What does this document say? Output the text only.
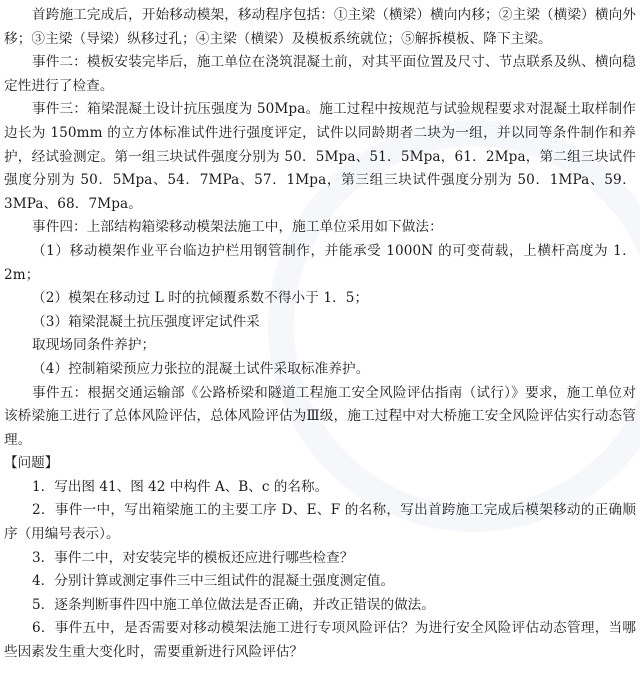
首跨施工完成后，开始移动模架，移动程序包括：①主梁（横梁）横向内移；②主梁（横梁）横向外移；③主梁（导梁）纵移过孔；④主梁（横梁）及模板系统就位；⑤解拆模板、降下主梁。

事件二：模板安装完毕后，施工单位在浇筑混凝土前，对其平面位置及尺寸、节点联系及纵、横向稳定性进行了检查。

事件三：箱梁混凝土设计抗压强度为 50Mpa。施工过程中按规范与试验规程要求对混凝土取样制作边长为 150mm 的立方体标准试件进行强度评定，试件以同龄期者二块为一组，并以同等条件制作和养护，经试验测定。第一组三块试件强度分别为 50．5Mpa、51．5Mpa，61．2Mpa，第二组三块试件强度分别为 50．5Mpa、54．7MPa、57．1Mpa，第三组三块试件强度分别为 50．1MPa、59．3MPa、68．7Mpa。

事件四：上部结构箱梁移动模架法施工中，施工单位采用如下做法：

（1）移动模架作业平台临边护栏用钢管制作，并能承受 1000N 的可变荷载，上横杆高度为 1．2m；

（2）模架在移动过 L 时的抗倾覆系数不得小于 1．5；

（3）箱梁混凝土抗压强度评定试件采

取现场同条件养护；

（4）控制箱梁预应力张拉的混凝土试件采取标准养护。

事件五：根据交通运输部《公路桥梁和隧道工程施工安全风险评估指南（试行）》要求，施工单位对该桥梁施工进行了总体风险评估，总体风险评估为Ⅲ级，施工过程中对大桥施工安全风险评估实行动态管理。

【问题】

1．写出图 41、图 42 中构件 A、B、c 的名称。

2．事件一中，写出箱梁施工的主要工序 D、E、F 的名称，写出首跨施工完成后模架移动的正确顺序（用编号表示）。

3．事件二中，对安装完毕的模板还应进行哪些检查？

4．分别计算或测定事件三中三组试件的混凝土强度测定值。

5．逐条判断事件四中施工单位做法是否正确，并改正错误的做法。

6．事件五中，是否需要对移动模架法施工进行专项风险评估？为进行安全风险评估动态管理，当哪些因素发生重大变化时，需要重新进行风险评估？
